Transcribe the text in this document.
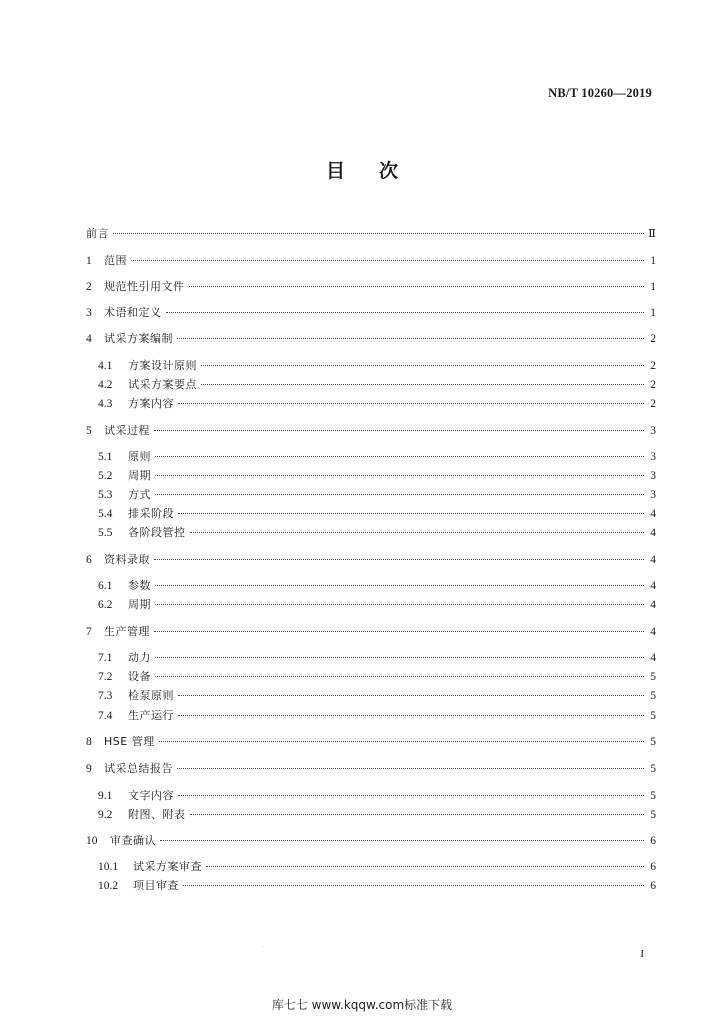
NB/T 10260—2019
目次
前言	Ⅱ
1	范围	1
2	规范性引用文件	1
3	术语和定义	1
4	试采方案编制	2
4.1	方案设计原则	2
4.2	试采方案要点	2
4.3	方案内容	2
5	试采过程	3
5.1	原则	3
5.2	周期	3
5.3	方式	3
5.4	排采阶段	4
5.5	各阶段管控	4
6	资料录取	4
6.1	参数	4
6.2	周期	4
7	生产管理	4
7.1	动力	4
7.2	设备	5
7.3	检泵原则	5
7.4	生产运行	5
8	HSE 管理	5
9	试采总结报告	5
9.1	文字内容	5
9.2	附图、附表	5
10	审查确认	6
10.1	试采方案审查	6
10.2	项目审查	6
.
I
库七七 www.kqqw.com标准下载
